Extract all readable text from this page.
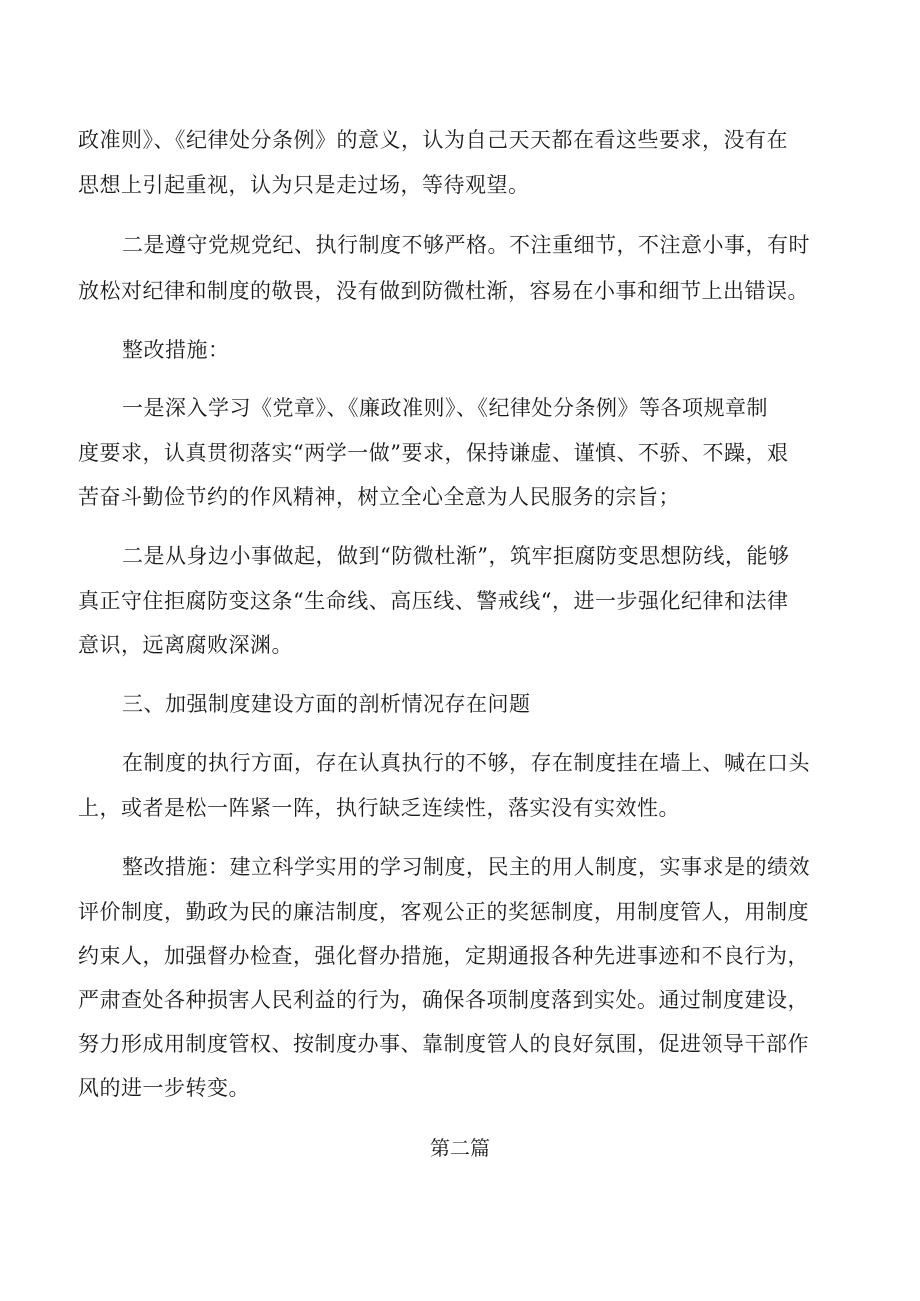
政准则》、《纪律处分条例》的意义，认为自己天天都在看这些要求，没有在
思想上引起重视，认为只是走过场，等待观望。
二是遵守党规党纪、执行制度不够严格。不注重细节，不注意小事，有时
放松对纪律和制度的敬畏，没有做到防微杜渐，容易在小事和细节上出错误。
整改措施：
一是深入学习《党章》、《廉政准则》、《纪律处分条例》等各项规章制
度要求，认真贯彻落实“两学一做”要求，保持谦虚、谨慎、不骄、不躁，艰
苦奋斗勤俭节约的作风精神，树立全心全意为人民服务的宗旨；
二是从身边小事做起，做到“防微杜渐”，筑牢拒腐防变思想防线，能够
真正守住拒腐防变这条“生命线、高压线、警戒线“，进一步强化纪律和法律
意识，远离腐败深渊。
三、加强制度建设方面的剖析情况存在问题
在制度的执行方面，存在认真执行的不够，存在制度挂在墙上、喊在口头
上，或者是松一阵紧一阵，执行缺乏连续性，落实没有实效性。
整改措施：建立科学实用的学习制度，民主的用人制度，实事求是的绩效
评价制度，勤政为民的廉洁制度，客观公正的奖惩制度，用制度管人，用制度
约束人，加强督办检查，强化督办措施，定期通报各种先进事迹和不良行为，
严肃查处各种损害人民利益的行为，确保各项制度落到实处。通过制度建设，
努力形成用制度管权、按制度办事、靠制度管人的良好氛围，促进领导干部作
风的进一步转变。
第二篇
